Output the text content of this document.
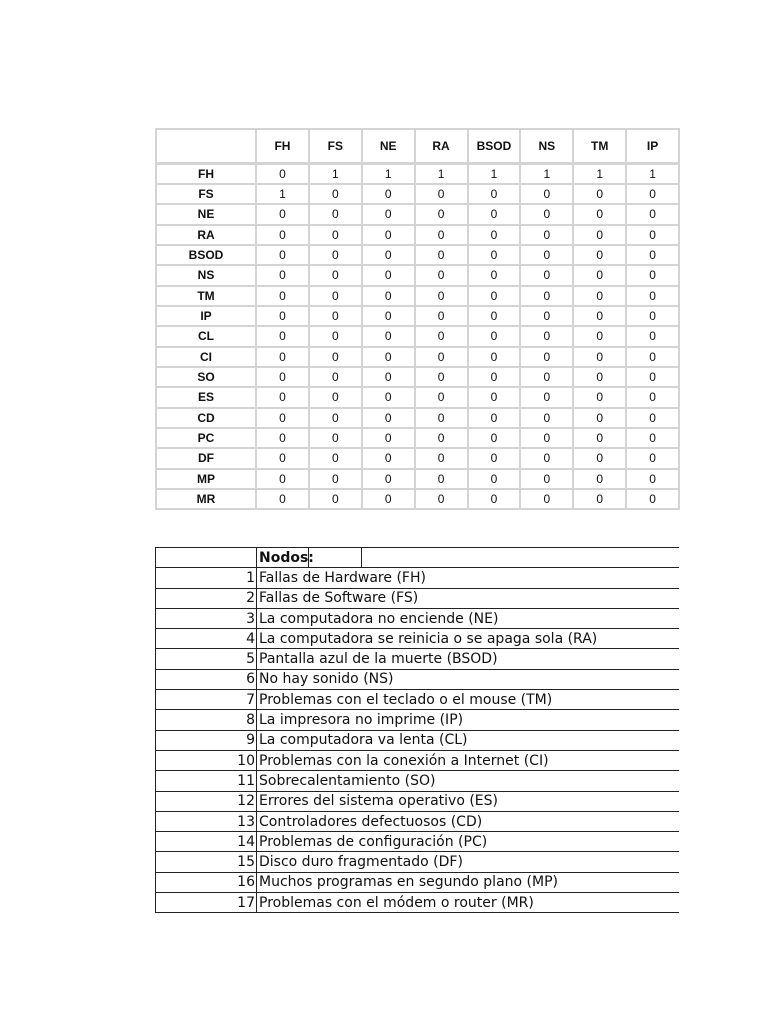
	FH	FS	NE	RA	BSOD	NS	TM	IP
FH	0	1	1	1	1	1	1	1
FS	1	0	0	0	0	0	0	0
NE	0	0	0	0	0	0	0	0
RA	0	0	0	0	0	0	0	0
BSOD	0	0	0	0	0	0	0	0
NS	0	0	0	0	0	0	0	0
TM	0	0	0	0	0	0	0	0
IP	0	0	0	0	0	0	0	0
CL	0	0	0	0	0	0	0	0
CI	0	0	0	0	0	0	0	0
SO	0	0	0	0	0	0	0	0
ES	0	0	0	0	0	0	0	0
CD	0	0	0	0	0	0	0	0
PC	0	0	0	0	0	0	0	0
DF	0	0	0	0	0	0	0	0
MP	0	0	0	0	0	0	0	0
MR	0	0	0	0	0	0	0	0
	Nodos:		
1	Fallas de Hardware (FH)		
2	Fallas de Software (FS)		
3	La computadora no enciende (NE)		
4	La computadora se reinicia o se apaga sola (RA)		
5	Pantalla azul de la muerte (BSOD)		
6	No hay sonido (NS)		
7	Problemas con el teclado o el mouse (TM)		
8	La impresora no imprime (IP)		
9	La computadora va lenta (CL)		
10	Problemas con la conexión a Internet (CI)		
11	Sobrecalentamiento (SO)		
12	Errores del sistema operativo (ES)		
13	Controladores defectuosos (CD)		
14	Problemas de configuración (PC)		
15	Disco duro fragmentado (DF)		
16	Muchos programas en segundo plano (MP)		
17	Problemas con el módem o router (MR)		
